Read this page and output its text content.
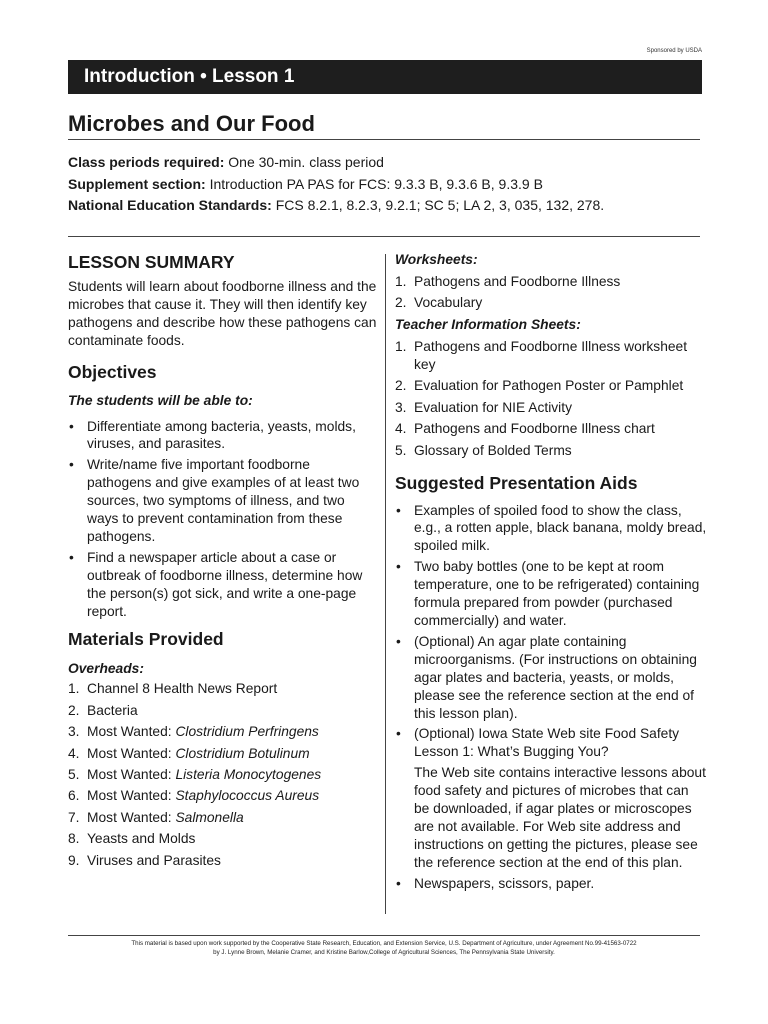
Sponsored by USDA
Introduction • Lesson 1
Microbes and Our Food
Class periods required: One 30-min. class period
Supplement section: Introduction PA PAS for FCS: 9.3.3 B, 9.3.6 B, 9.3.9 B
National Education Standards: FCS 8.2.1, 8.2.3, 9.2.1; SC 5; LA 2, 3, 035, 132, 278.
LESSON SUMMARY

Students will learn about foodborne illness and the microbes that cause it. They will then identify key pathogens and describe how these pathogens can contaminate foods.

Objectives

The students will be able to:

• Differentiate among bacteria, yeasts, molds, viruses, and parasites.
• Write/name five important foodborne pathogens and give examples of at least two sources, two symptoms of illness, and two ways to prevent contamination from these pathogens.
• Find a newspaper article about a case or outbreak of foodborne illness, determine how the person(s) got sick, and write a one-page report.
Materials Provided

Overheads:

1. Channel 8 Health News Report
2. Bacteria
3. Most Wanted: Clostridium Perfringens
4. Most Wanted: Clostridium Botulinum
5. Most Wanted: Listeria Monocytogenes
6. Most Wanted: Staphylococcus Aureus
7. Most Wanted: Salmonella
8. Yeasts and Molds
9. Viruses and Parasites

Worksheets:

1. Pathogens and Foodborne Illness
2. Vocabulary

Teacher Information Sheets:

1. Pathogens and Foodborne Illness worksheet key
2. Evaluation for Pathogen Poster or Pamphlet
3. Evaluation for NIE Activity
4. Pathogens and Foodborne Illness chart
5. Glossary of Bolded Terms
Suggested Presentation Aids
• Examples of spoiled food to show the class, e.g., a rotten apple, black banana, moldy bread, spoiled milk.
• Two baby bottles (one to be kept at room temperature, one to be refrigerated) containing formula prepared from powder (purchased commercially) and water.
• (Optional) An agar plate containing microorganisms. (For instructions on obtaining agar plates and bacteria, yeasts, or molds, please see the reference section at the end of this lesson plan).
• (Optional) Iowa State Web site Food Safety Lesson 1: What’s Bugging You?
The Web site contains interactive lessons about food safety and pictures of microbes that can be downloaded, if agar plates or microscopes are not available. For Web site address and instructions on getting the pictures, please see the reference section at the end of this plan.
• Newspapers, scissors, paper.
This material is based upon work supported by the Cooperative State Research, Education, and Extension Service, U.S. Department of Agriculture, under Agreement No.99-41563-0722
by J. Lynne Brown, Melanie Cramer, and Kristine Barlow,College of Agricultural Sciences, The Pennsylvania State University.
